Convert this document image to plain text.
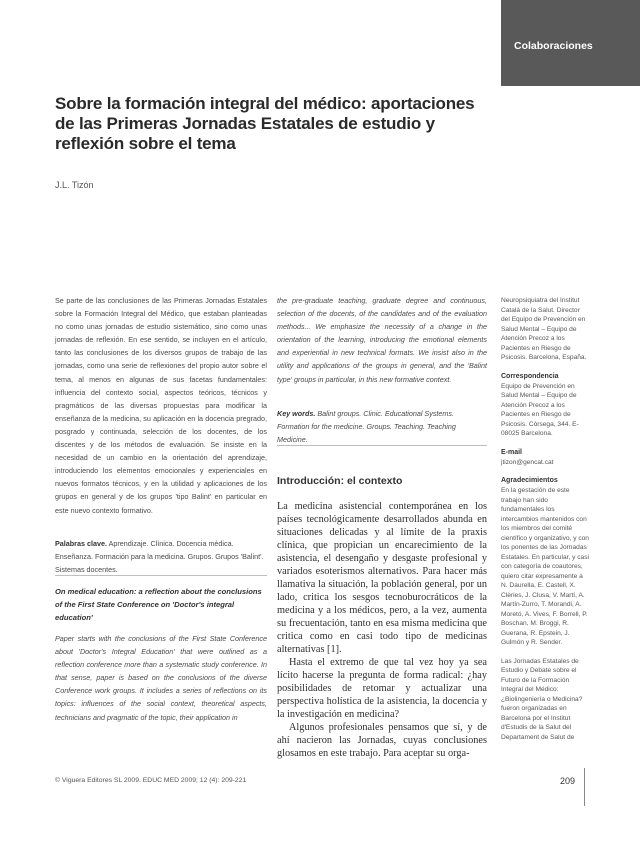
Colaboraciones
Sobre la formación integral del médico: aportaciones de las Primeras Jornadas Estatales de estudio y reflexión sobre el tema
J.L. Tizón

Se parte de las conclusiones de las Primeras Jornadas Estatales sobre la Formación Integral del Médico, que estaban planteadas no como unas jornadas de estudio sistemático, sino como unas jornadas de reflexión. En ese sentido, se incluyen en el artículo, tanto las conclusiones de los diversos grupos de trabajo de las jornadas, como una serie de reflexiones del propio autor sobre el tema, al menos en algunas de sus facetas fundamentales: influencia del contexto social, aspectos teóricos, técnicos y pragmáticos de las diversas propuestas para modificar la enseñanza de la medicina, su aplicación en la docencia pregrado, posgrado y continuada, selección de los docentes, de los discentes y de los métodos de evaluación. Se insiste en la necesidad de un cambio en la orientación del aprendizaje, introduciendo los elementos emocionales y experienciales en nuevos formatos técnicos, y en la utilidad y aplicaciones de los grupos en general y de los grupos 'tipo Balint' en particular en este nuevo contexto formativo.

Palabras clave. Aprendizaje. Clínica. Docencia médica. Enseñanza. Formación para la medicina. Grupos. Grupos 'Balint'. Sistemas docentes.

On medical education: a reflection about the conclusions of the First State Conference on 'Doctor's integral education'

Paper starts with the conclusions of the First State Conference about 'Doctor's Integral Education' that were outlined as a reflection conference more than a systematic study conference. In that sense, paper is based on the conclusions of the diverse Conference work groups. It includes a series of reflections on its topics: influences of the social context, theoretical aspects, technicians and pragmatic of the topic, their application in

the pre-graduate teaching, graduate degree and continuous, selection of the docents, of the candidates and of the evaluation methods... We emphasize the necessity of a change in the orientation of the learning, introducing the emotional elements and experiential in new technical formats. We insist also in the utility and applications of the groups in general, and the 'Balint type' groups in particular, in this new formative context.

Key words. Balint groups. Clinic. Educational Systems. Formation for the medicine. Groups. Teaching. Teaching Medicine.

Introducción: el contexto

La medicina asistencial contemporánea en los países tecnológicamente desarrollados abunda en situaciones delicadas y al límite de la praxis clínica, que propician un encarecimiento de la asistencia, el desengaño y desgaste profesional y variados esoterismos alternativos. Para hacer más llamativa la situación, la población general, por un lado, critica los sesgos tecnoburocráticos de la medicina y a los médicos, pero, a la vez, aumenta su frecuentación, tanto en esa misma medicina que critica como en casi todo tipo de medicinas alternativas [1].

Hasta el extremo de que tal vez hoy ya sea lícito hacerse la pregunta de forma radical: ¿hay posibilidades de retomar y actualizar una perspectiva holística de la asistencia, la docencia y la investigación en medicina?

Algunos profesionales pensamos que sí, y de ahí nacieron las Jornadas, cuyas conclusiones glosamos en este trabajo. Para aceptar su orga-

Neuropsiquiatra del Institut Català de la Salut. Director del Equipo de Prevención en Salud Mental – Equipo de Atención Precoz a los Pacientes en Riesgo de Psicosis. Barcelona, España.

Correspondencia

Equipo de Prevención en Salud Mental – Equipo de Atención Precoz a los Pacientes en Riesgo de Psicosis. Còrsega, 344. E-08025 Barcelona.

E-mail

jtizon@gencat.cat

Agradecimientos

En la gestación de este trabajo han sido fundamentales los intercambios mantenidos con los miembros del comité científico y organizativo, y con los ponentes de las Jornadas Estatales. En particular, y casi con categoría de coautores, quiero citar expresamente a N. Daurella, E. Castell, X. Clèries, J. Clusa, V. Martí, A. Martín-Zurro, T. Morandi, A. Moretó, A. Vives, F. Borrell, P. Boschan, M. Broggi, R. Guerana, R. Epstein, J. Gulmón y R. Sender.

Las Jornadas Estatales de Estudio y Debate sobre el Futuro de la Formación Integral del Médico: ¿Biolingeniería o Medicina? fueron organizadas en Barcelona por el Institut d'Estudis de la Salut del Departament de Salut de

© Viguera Editores SL 2009. EDUC MED 2009; 12 (4): 209-221	209
